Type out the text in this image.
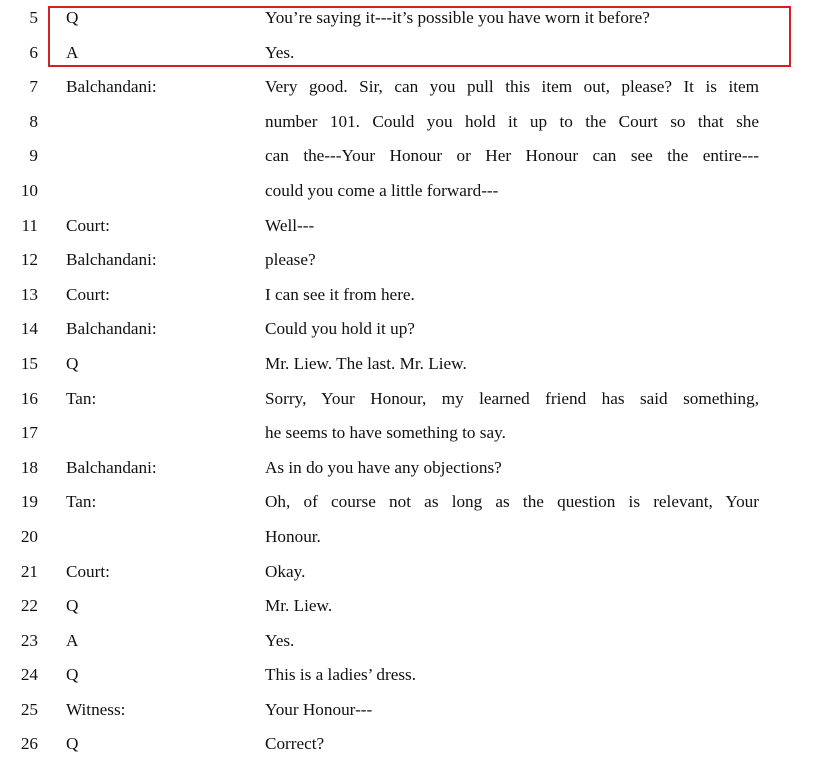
5 Q	You’re saying it---it’s possible you have worn it before?
6 A	Yes.
7 Balchandani:	Very good. Sir, can you pull this item out, please? It is item
8	number 101. Could you hold it up to the Court so that she
9	can the---Your Honour or Her Honour can see the entire---
10	could you come a little forward---
11 Court:	Well---
12 Balchandani:	please?
13 Court:	I can see it from here.
14 Balchandani:	Could you hold it up?
15 Q	Mr. Liew. The last. Mr. Liew.
16 Tan:	Sorry, Your Honour, my learned friend has said something,
17	he seems to have something to say.
18 Balchandani:	As in do you have any objections?
19 Tan:	Oh, of course not as long as the question is relevant, Your
20	Honour.
21 Court:	Okay.
22 Q	Mr. Liew.
23 A	Yes.
24 Q	This is a ladies’ dress.
25 Witness:	Your Honour---
26 Q	Correct?
